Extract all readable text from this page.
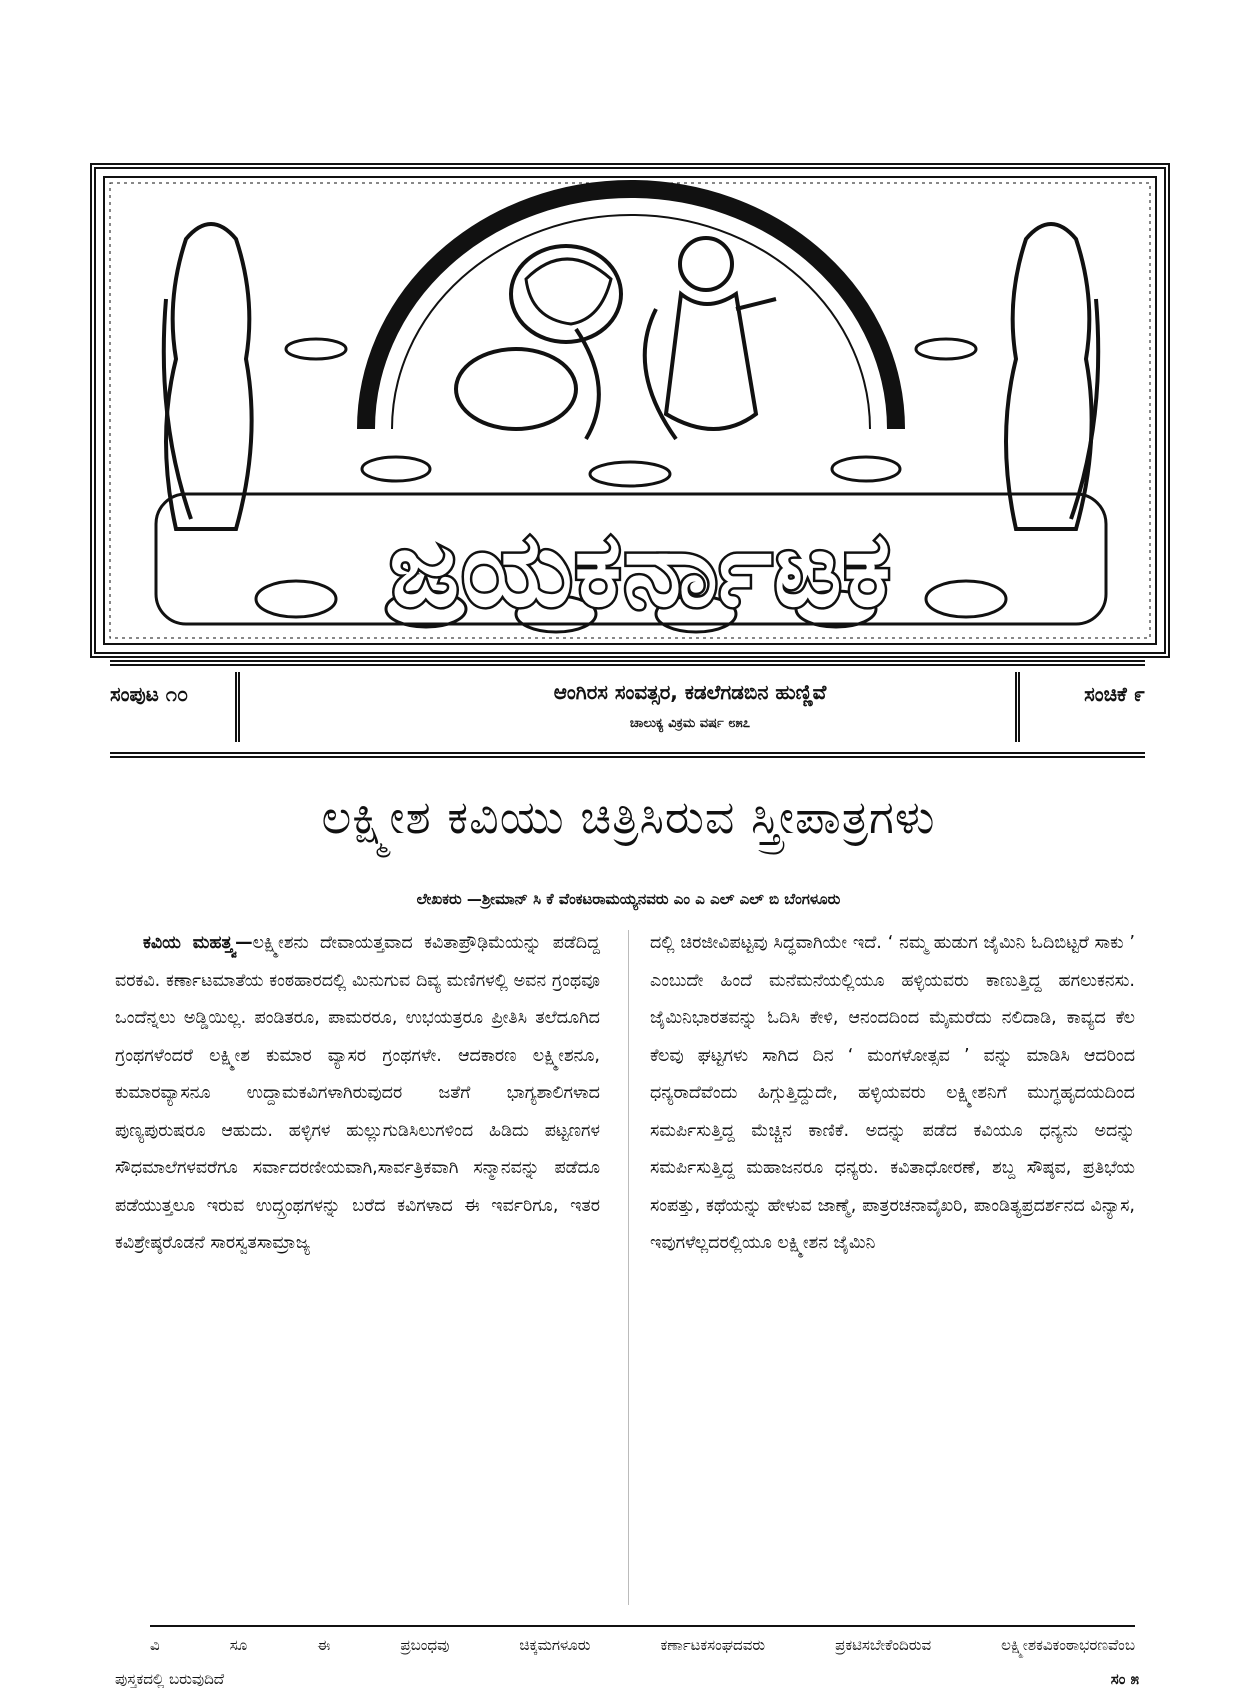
ಜಯಕರ್ನಾಟಕ
ಸಂಪುಟ ೧೦	ಆಂಗಿರಸ ಸಂವತ್ಸರ, ಕಡಲೆಗಡಬಿನ ಹುಣ್ಣಿವೆ
ಚಾಲುಕ್ಯ ವಿಕ್ರಮ ವರ್ಷ ೮೫೭
ಸಂಚಿಕೆ ೯
ಲಕ್ಷ್ಮೀಶ ಕವಿಯು ಚಿತ್ರಿಸಿರುವ ಸ್ತ್ರೀಪಾತ್ರಗಳು
ಲೇಖಕರು —ಶ್ರೀಮಾನ್ ಸಿ ಕೆ ವೆಂಕಟರಾಮಯ್ಯನವರು ಎಂ ಎ ಎಲ್ ಎಲ್ ಬಿ ಬೆಂಗಳೂರು

ಕವಿಯ ಮಹತ್ತ್ವ—ಲಕ್ಷ್ಮೀಶನು ದೇವಾಯತ್ತವಾದ ಕವಿತಾಪ್ರೌಢಿಮೆಯನ್ನು ಪಡೆದಿದ್ದ ವರಕವಿ. ಕರ್ಣಾಟಮಾತೆಯ ಕಂಠಹಾರದಲ್ಲಿ ಮಿನುಗುವ ದಿವ್ಯ ಮಣಿಗಳಲ್ಲಿ ಅವನ ಗ್ರಂಥವೂ ಒಂದೆನ್ನಲು ಅಡ್ಡಿಯಿಲ್ಲ. ಪಂಡಿತರೂ, ಪಾಮರರೂ, ಉಭಯತ್ರರೂ ಪ್ರೀತಿಸಿ ತಲೆದೂಗಿದ ಗ್ರಂಥಗಳೆಂದರೆ ಲಕ್ಷ್ಮೀಶ ಕುಮಾರ ವ್ಯಾಸರ ಗ್ರಂಥಗಳೇ. ಆದಕಾರಣ ಲಕ್ಷ್ಮೀಶನೂ, ಕುಮಾರವ್ಯಾಸನೂ ಉದ್ದಾಮಕವಿಗಳಾಗಿರುವುದರ ಜತೆಗೆ ಭಾಗ್ಯಶಾಲಿಗಳಾದ ಪುಣ್ಯಪುರುಷರೂ ಆಹುದು. ಹಳ್ಳಿಗಳ ಹುಲ್ಲುಗುಡಿಸಿಲುಗಳಿಂದ ಹಿಡಿದು ಪಟ್ಟಣಗಳ ಸೌಧಮಾಲೆಗಳವರೆಗೂ ಸರ್ವಾದರಣೀಯವಾಗಿ,ಸಾರ್ವತ್ರಿಕವಾಗಿ ಸನ್ಮಾನವನ್ನು ಪಡೆದೂ ಪಡೆಯುತ್ತಲೂ ಇರುವ ಉದ್ಗ್ರಂಥಗಳನ್ನು ಬರೆದ ಕವಿಗಳಾದ ಈ ಇರ್ವರಿಗೂ, ಇತರ ಕವಿಶ್ರೇಷ್ಠರೊಡನೆ ಸಾರಸ್ವತಸಾಮ್ರಾಜ್ಯ

ದಲ್ಲಿ ಚಿರಜೀವಿಪಟ್ಟವು ಸಿದ್ಧವಾಗಿಯೇ ಇದೆ. ‘ ನಮ್ಮ ಹುಡುಗ ಜೈಮಿನಿ ಓದಿಬಿಟ್ಟರೆ ಸಾಕು ’ ಎಂಬುದೇ ಹಿಂದೆ ಮನೆಮನೆಯಲ್ಲಿಯೂ ಹಳ್ಳಿಯವರು ಕಾಣುತ್ತಿದ್ದ ಹಗಲುಕನಸು. ಜೈಮಿನಿಭಾರತವನ್ನು ಓದಿಸಿ ಕೇಳಿ, ಆನಂದದಿಂದ ಮೈಮರೆದು ನಲಿದಾಡಿ, ಕಾವ್ಯದ ಕೆಲ ಕೆಲವು ಘಟ್ಟಗಳು ಸಾಗಿದ ದಿನ ‘ ಮಂಗಳೋತ್ಸವ ’ ವನ್ನು ಮಾಡಿಸಿ ಆದರಿಂದ ಧನ್ಯರಾದೆವೆಂದು ಹಿಗ್ಗುತ್ತಿದ್ದುದೇ, ಹಳ್ಳಿಯವರು ಲಕ್ಷ್ಮೀಶನಿಗೆ ಮುಗ್ಧಹೃದಯದಿಂದ ಸಮರ್ಪಿಸುತ್ತಿದ್ದ ಮೆಚ್ಚಿನ ಕಾಣಿಕೆ. ಅದನ್ನು ಪಡೆದ ಕವಿಯೂ ಧನ್ಯನು ಅದನ್ನು ಸಮರ್ಪಿಸುತ್ತಿದ್ದ ಮಹಾಜನರೂ ಧನ್ಯರು. ಕವಿತಾಧೋರಣೆ, ಶಬ್ದ ಸೌಷ್ಠವ, ಪ್ರತಿಭೆಯ ಸಂಪತ್ತು, ಕಥೆಯನ್ನು ಹೇಳುವ ಜಾಣ್ಮೆ, ಪಾತ್ರರಚನಾವೈಖರಿ, ಪಾಂಡಿತ್ಯಪ್ರದರ್ಶನದ ವಿನ್ಯಾಸ, ಇವುಗಳೆಲ್ಲದರಲ್ಲಿಯೂ ಲಕ್ಷ್ಮೀಶನ ಜೈಮಿನಿ

ವಿ ಸೂ ಈ ಪ್ರಬಂಧವು ಚಿಕ್ಕಮಗಳೂರು ಕರ್ಣಾಟಕಸಂಘದವರು ಪ್ರಕಟಿಸಬೇಕೆಂದಿರುವ ಲಕ್ಷ್ಮೀಶಕವಿಕಂಠಾಭರಣವೆಂಬ
ಪುಸ್ತಕದಲ್ಲಿ ಬರುವುದಿದೆ	ಸಂ ೫
